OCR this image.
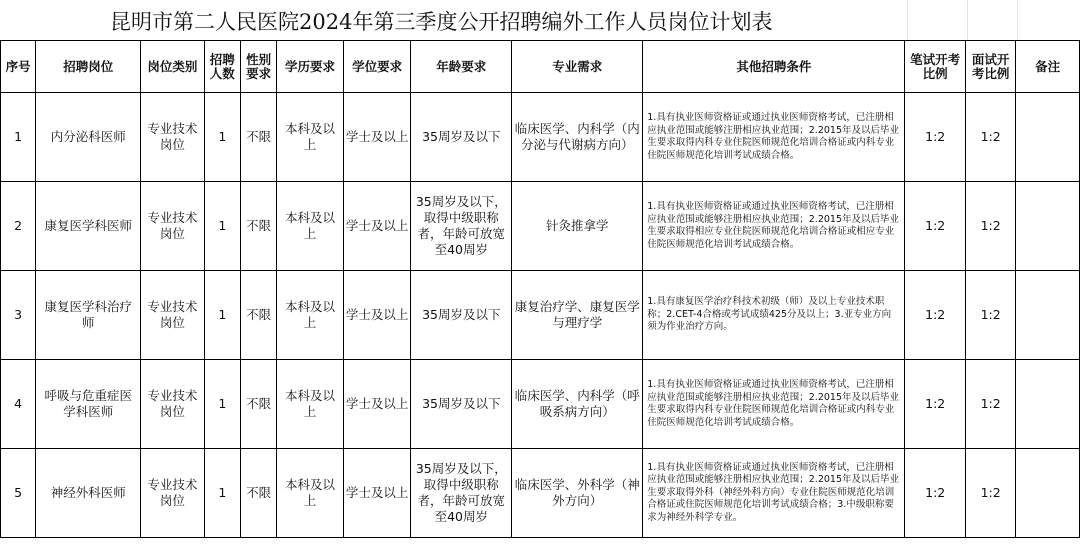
昆明市第二人民医院2024年第三季度公开招聘编外工作人员岗位计划表
序号	招聘岗位	岗位类别	招聘人数	性别要求	学历要求	学位要求	年龄要求	专业需求	其他招聘条件	笔试开考比例	面试开考比例	备注
1	内分泌科医师	专业技术岗位	1	不限	本科及以上	学士及以上	35周岁及以下	临床医学、内科学（内分泌与代谢病方向）	1.具有执业医师资格证或通过执业医师资格考试，已注册相应执业范围或能够注册相应执业范围；2.2015年及以后毕业生要求取得内科专业住院医师规范化培训合格证或内科专业住院医师规范化培训考试成绩合格。	1:2	1:2	
2	康复医学科医师	专业技术岗位	1	不限	本科及以上	学士及以上	35周岁及以下，取得中级职称者，年龄可放宽至40周岁	针灸推拿学	1.具有执业医师资格证或通过执业医师资格考试，已注册相应执业范围或能够注册相应执业范围；2.2015年及以后毕业生要求取得相应专业住院医师规范化培训合格证或相应专业住院医师规范化培训考试成绩合格。	1:2	1:2	
3	康复医学科治疗师	专业技术岗位	1	不限	本科及以上	学士及以上	35周岁及以下	康复治疗学、康复医学与理疗学	1.具有康复医学治疗科技术初级（师）及以上专业技术职称；2.CET-4合格或考试成绩425分及以上；3.亚专业方向须为作业治疗方向。	1:2	1:2	
4	呼吸与危重症医学科医师	专业技术岗位	1	不限	本科及以上	学士及以上	35周岁及以下	临床医学、内科学（呼吸系病方向）	1.具有执业医师资格证或通过执业医师资格考试，已注册相应执业范围或能够注册相应执业范围；2.2015年及以后毕业生要求取得内科专业住院医师规范化培训合格证或内科专业住院医师规范化培训考试成绩合格。	1:2	1:2	
5	神经外科医师	专业技术岗位	1	不限	本科及以上	学士及以上	35周岁及以下，取得中级职称者，年龄可放宽至40周岁	临床医学、外科学（神外方向）	1.具有执业医师资格证或通过执业医师资格考试，已注册相应执业范围或能够注册相应执业范围；2.2015年及以后毕业生要求取得外科（神经外科方向）专业住院医师规范化培训合格证或住院医师规范化培训考试成绩合格；3.中级职称要求为神经外科学专业。	1:2	1:2	
